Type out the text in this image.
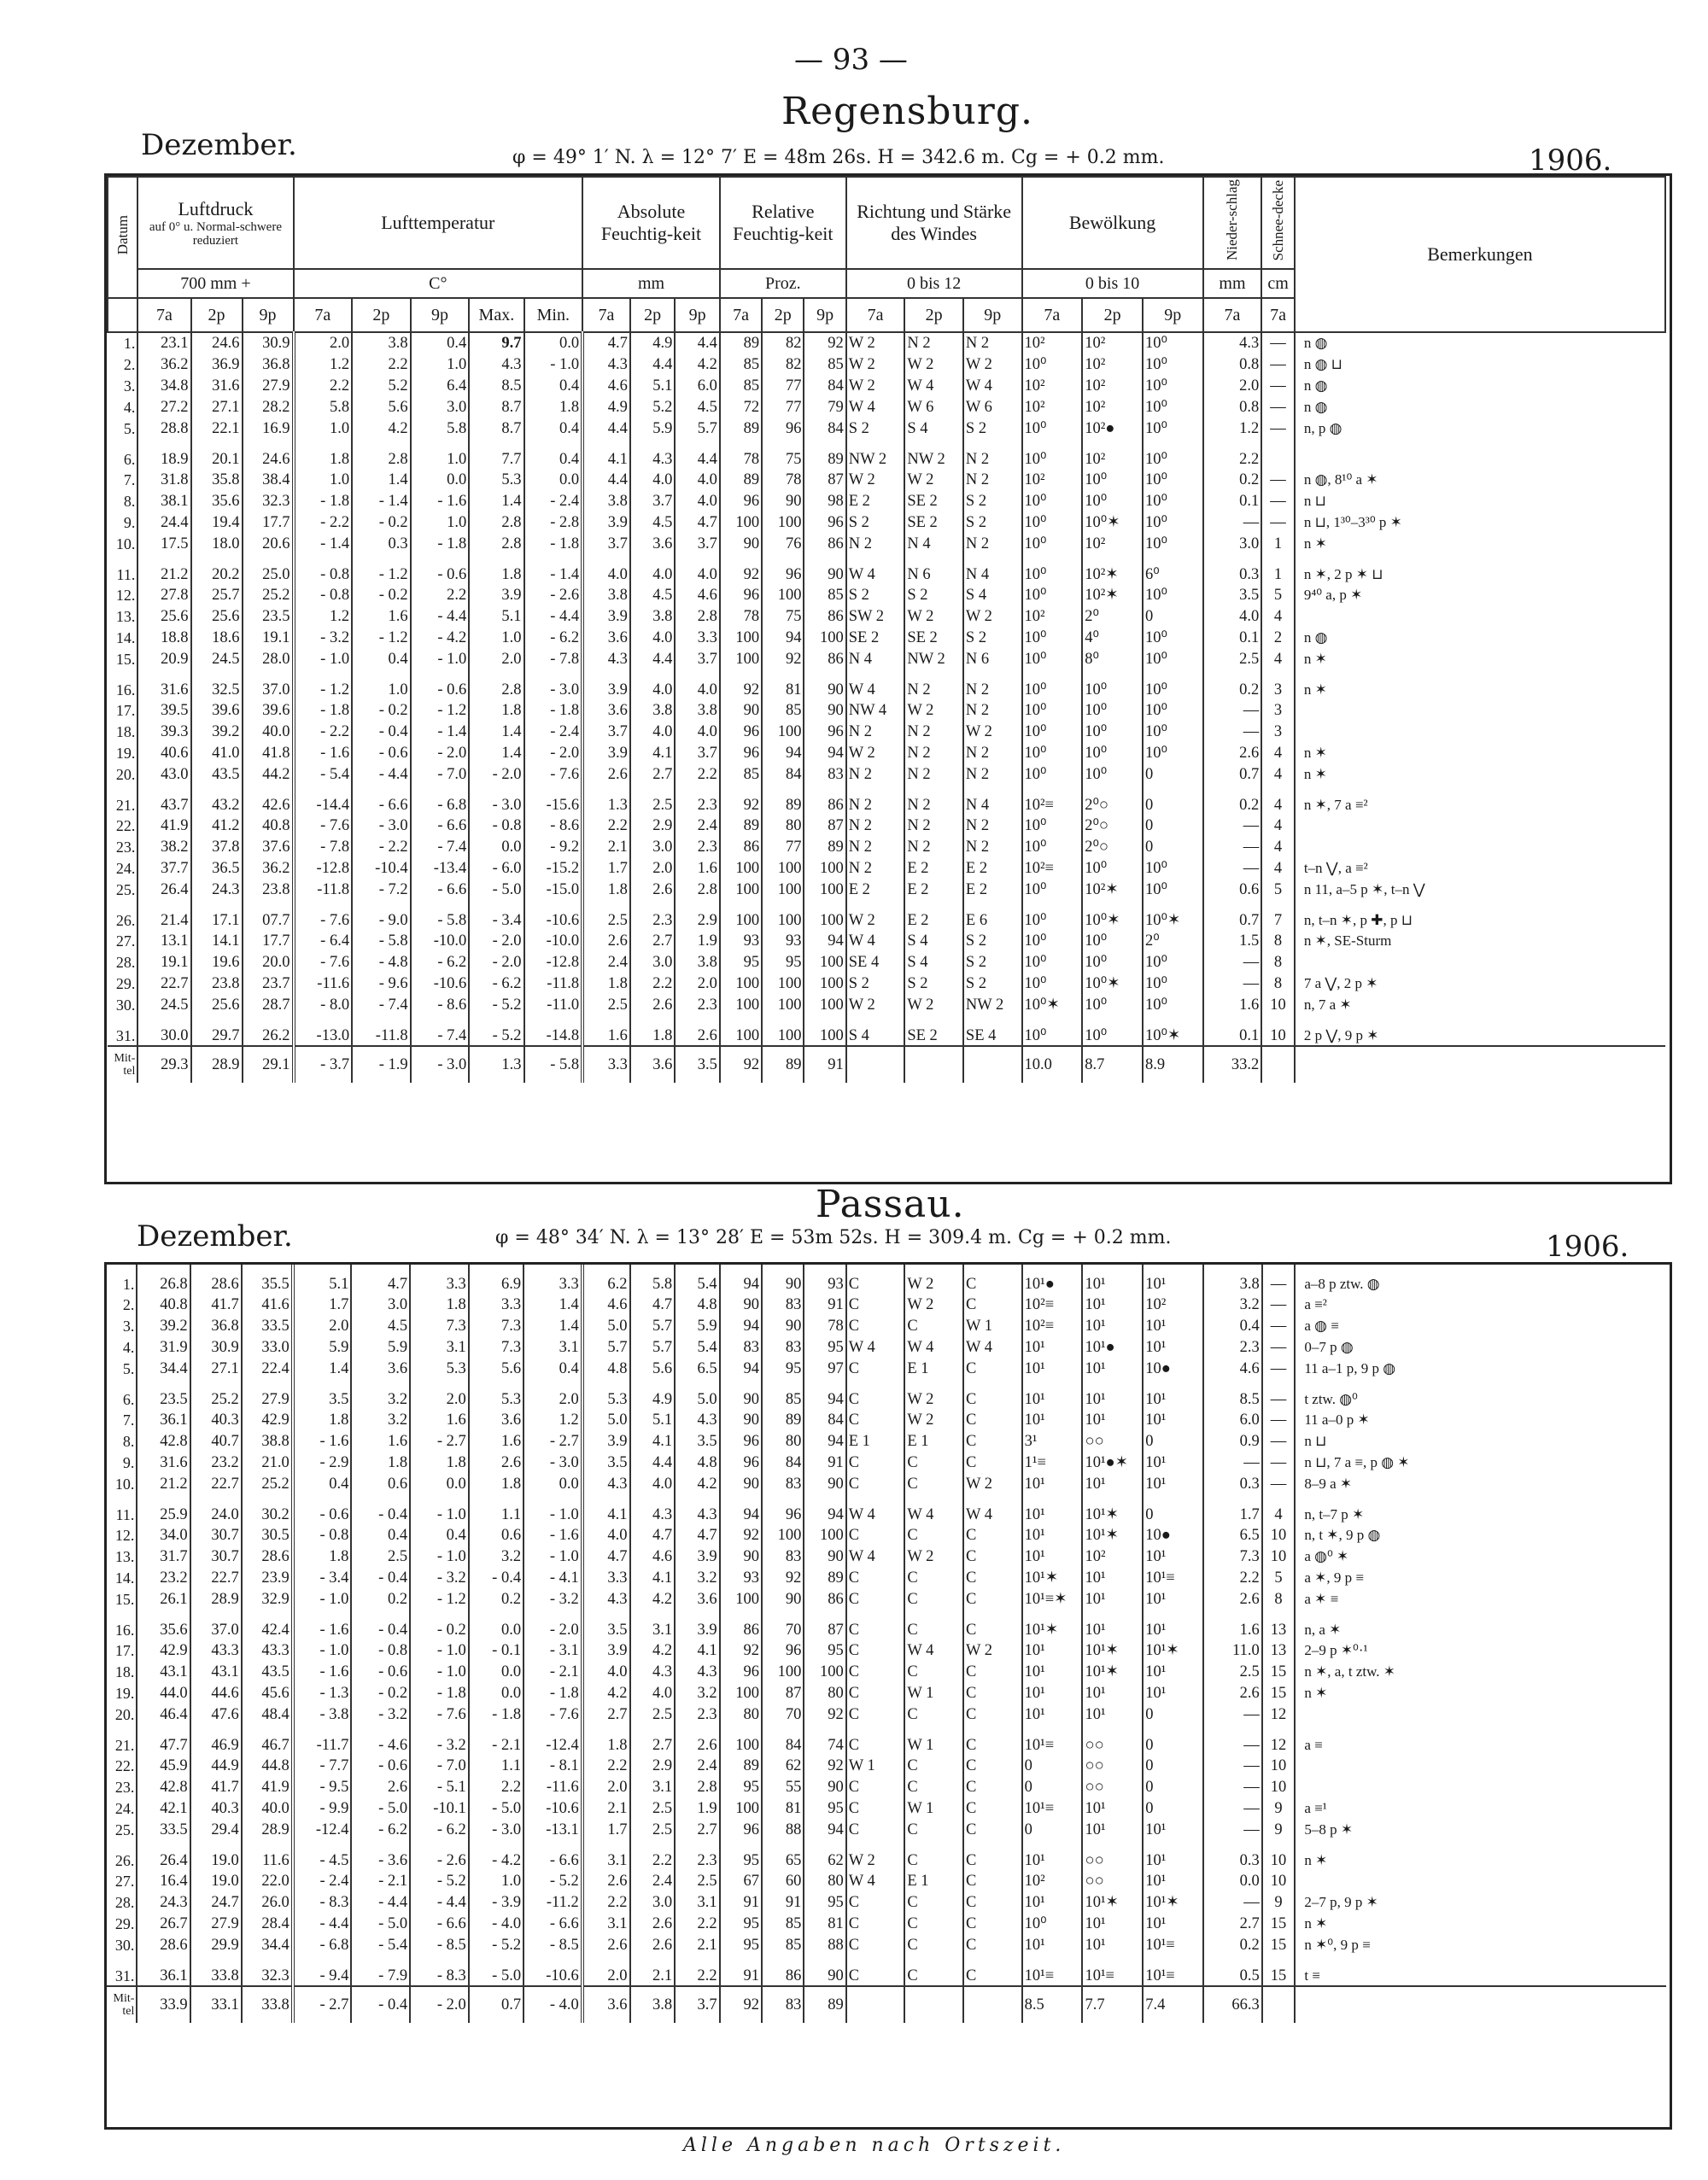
— 93 —
Regensburg.
Dezember.	φ = 49° 1′ N. λ = 12° 7′ E = 48m 26s. H = 342.6 m. Cg = + 0.2 mm.	1906.
Datum	Luftdruck
auf 0° u. Normal-schwere reduziert			Lufttemperatur					Absolute Feuchtig-keit			Relative Feuchtig-keit			Richtung und Stärke des Windes			Bewölkung			Nieder-schlag	Schnee-decke	Bemerkungen
	700 mm +			C°					mm			Proz.			0 bis 12			0 bis 10			mm	cm	
	7a	2p	9p	7a	2p	9p	Max.	Min.	7a	2p	9p	7a	2p	9p	7a	2p	9p	7a	2p	9p	7a	7a	
1.	23.1	24.6	30.9	2.0	3.8	0.4	9.7	0.0	4.7	4.9	4.4	89	82	92	W 2	N 2	N 2	10²	10²	10⁰	4.3	—	n ◍
2.	36.2	36.9	36.8	1.2	2.2	1.0	4.3	- 1.0	4.3	4.4	4.2	85	82	85	W 2	W 2	W 2	10⁰	10²	10⁰	0.8	—	n ◍ ⊔
3.	34.8	31.6	27.9	2.2	5.2	6.4	8.5	0.4	4.6	5.1	6.0	85	77	84	W 2	W 4	W 4	10²	10²	10⁰	2.0	—	n ◍
4.	27.2	27.1	28.2	5.8	5.6	3.0	8.7	1.8	4.9	5.2	4.5	72	77	79	W 4	W 6	W 6	10²	10²	10⁰	0.8	—	n ◍
5.	28.8	22.1	16.9	1.0	4.2	5.8	8.7	0.4	4.4	5.9	5.7	89	96	84	S 2	S 4	S 2	10⁰	10²●	10⁰	1.2	—	n, p ◍
6.	18.9	20.1	24.6	1.8	2.8	1.0	7.7	0.4	4.1	4.3	4.4	78	75	89	NW 2	NW 2	N 2	10⁰	10²	10⁰	2.2		
7.	31.8	35.8	38.4	1.0	1.4	0.0	5.3	0.0	4.4	4.0	4.0	89	78	87	W 2	W 2	N 2	10²	10⁰	10⁰	0.2	—	n ◍, 8¹⁰ a ✶
8.	38.1	35.6	32.3	- 1.8	- 1.4	- 1.6	1.4	- 2.4	3.8	3.7	4.0	96	90	98	E 2	SE 2	S 2	10⁰	10⁰	10⁰	0.1	—	n ⊔
9.	24.4	19.4	17.7	- 2.2	- 0.2	1.0	2.8	- 2.8	3.9	4.5	4.7	100	100	96	S 2	SE 2	S 2	10⁰	10⁰✶	10⁰	—	—	n ⊔, 1³⁰–3³⁰ p ✶
10.	17.5	18.0	20.6	- 1.4	0.3	- 1.8	2.8	- 1.8	3.7	3.6	3.7	90	76	86	N 2	N 4	N 2	10⁰	10²	10⁰	3.0	1	n ✶
11.	21.2	20.2	25.0	- 0.8	- 1.2	- 0.6	1.8	- 1.4	4.0	4.0	4.0	92	96	90	W 4	N 6	N 4	10⁰	10²✶	6⁰	0.3	1	n ✶, 2 p ✶ ⊔
12.	27.8	25.7	25.2	- 0.8	- 0.2	2.2	3.9	- 2.6	3.8	4.5	4.6	96	100	85	S 2	S 2	S 4	10⁰	10²✶	10⁰	3.5	5	9⁴⁰ a, p ✶
13.	25.6	25.6	23.5	1.2	1.6	- 4.4	5.1	- 4.4	3.9	3.8	2.8	78	75	86	SW 2	W 2	W 2	10²	2⁰	0	4.0	4	
14.	18.8	18.6	19.1	- 3.2	- 1.2	- 4.2	1.0	- 6.2	3.6	4.0	3.3	100	94	100	SE 2	SE 2	S 2	10⁰	4⁰	10⁰	0.1	2	n ◍
15.	20.9	24.5	28.0	- 1.0	0.4	- 1.0	2.0	- 7.8	4.3	4.4	3.7	100	92	86	N 4	NW 2	N 6	10⁰	8⁰	10⁰	2.5	4	n ✶
16.	31.6	32.5	37.0	- 1.2	1.0	- 0.6	2.8	- 3.0	3.9	4.0	4.0	92	81	90	W 4	N 2	N 2	10⁰	10⁰	10⁰	0.2	3	n ✶
17.	39.5	39.6	39.6	- 1.8	- 0.2	- 1.2	1.8	- 1.8	3.6	3.8	3.8	90	85	90	NW 4	W 2	N 2	10⁰	10⁰	10⁰	—	3	
18.	39.3	39.2	40.0	- 2.2	- 0.4	- 1.4	1.4	- 2.4	3.7	4.0	4.0	96	100	96	N 2	N 2	W 2	10⁰	10⁰	10⁰	—	3	
19.	40.6	41.0	41.8	- 1.6	- 0.6	- 2.0	1.4	- 2.0	3.9	4.1	3.7	96	94	94	W 2	N 2	N 2	10⁰	10⁰	10⁰	2.6	4	n ✶
20.	43.0	43.5	44.2	- 5.4	- 4.4	- 7.0	- 2.0	- 7.6	2.6	2.7	2.2	85	84	83	N 2	N 2	N 2	10⁰	10⁰	0	0.7	4	n ✶
21.	43.7	43.2	42.6	-14.4	- 6.6	- 6.8	- 3.0	-15.6	1.3	2.5	2.3	92	89	86	N 2	N 2	N 4	10²≡	2⁰○	0	0.2	4	n ✶, 7 a ≡²
22.	41.9	41.2	40.8	- 7.6	- 3.0	- 6.6	- 0.8	- 8.6	2.2	2.9	2.4	89	80	87	N 2	N 2	N 2	10⁰	2⁰○	0	—	4	
23.	38.2	37.8	37.6	- 7.8	- 2.2	- 7.4	0.0	- 9.2	2.1	3.0	2.3	86	77	89	N 2	N 2	N 2	10⁰	2⁰○	0	—	4	
24.	37.7	36.5	36.2	-12.8	-10.4	-13.4	- 6.0	-15.2	1.7	2.0	1.6	100	100	100	N 2	E 2	E 2	10²≡	10⁰	10⁰	—	4	t–n ⋁, a ≡²
25.	26.4	24.3	23.8	-11.8	- 7.2	- 6.6	- 5.0	-15.0	1.8	2.6	2.8	100	100	100	E 2	E 2	E 2	10⁰	10²✶	10⁰	0.6	5	n 11, a–5 p ✶, t–n ⋁
26.	21.4	17.1	07.7	- 7.6	- 9.0	- 5.8	- 3.4	-10.6	2.5	2.3	2.9	100	100	100	W 2	E 2	E 6	10⁰	10⁰✶	10⁰✶	0.7	7	n, t–n ✶, p ✚, p ⊔
27.	13.1	14.1	17.7	- 6.4	- 5.8	-10.0	- 2.0	-10.0	2.6	2.7	1.9	93	93	94	W 4	S 4	S 2	10⁰	10⁰	2⁰	1.5	8	n ✶, SE-Sturm
28.	19.1	19.6	20.0	- 7.6	- 4.8	- 6.2	- 2.0	-12.8	2.4	3.0	3.8	95	95	100	SE 4	S 4	S 2	10⁰	10⁰	10⁰	—	8	
29.	22.7	23.8	23.7	-11.6	- 9.6	-10.6	- 6.2	-11.8	1.8	2.2	2.0	100	100	100	S 2	S 2	S 2	10⁰	10⁰✶	10⁰	—	8	7 a ⋁, 2 p ✶
30.	24.5	25.6	28.7	- 8.0	- 7.4	- 8.6	- 5.2	-11.0	2.5	2.6	2.3	100	100	100	W 2	W 2	NW 2	10⁰✶	10⁰	10⁰	1.6	10	n, 7 a ✶
31.	30.0	29.7	26.2	-13.0	-11.8	- 7.4	- 5.2	-14.8	1.6	1.8	2.6	100	100	100	S 4	SE 2	SE 4	10⁰	10⁰	10⁰✶	0.1	10	2 p ⋁, 9 p ✶
Mit-tel	29.3	28.9	29.1	- 3.7	- 1.9	- 3.0	1.3	- 5.8	3.3	3.6	3.5	92	89	91				10.0	8.7	8.9	33.2		
Passau.
Dezember.	φ = 48° 34′ N. λ = 13° 28′ E = 53m 52s. H = 309.4 m. Cg = + 0.2 mm.	1906.
1.	26.8	28.6	35.5	5.1	4.7	3.3	6.9	3.3	6.2	5.8	5.4	94	90	93	C	W 2	C	10¹●	10¹	10¹	3.8	—	a–8 p ztw. ◍
2.	40.8	41.7	41.6	1.7	3.0	1.8	3.3	1.4	4.6	4.7	4.8	90	83	91	C	W 2	C	10²≡	10¹	10²	3.2	—	a ≡²
3.	39.2	36.8	33.5	2.0	4.5	7.3	7.3	1.4	5.0	5.7	5.9	94	90	78	C	C	W 1	10²≡	10¹	10¹	0.4	—	a ◍ ≡
4.	31.9	30.9	33.0	5.9	5.9	3.1	7.3	3.1	5.7	5.7	5.4	83	83	95	W 4	W 4	W 4	10¹	10¹●	10¹	2.3	—	0–7 p ◍
5.	34.4	27.1	22.4	1.4	3.6	5.3	5.6	0.4	4.8	5.6	6.5	94	95	97	C	E 1	C	10¹	10¹	10●	4.6	—	11 a–1 p, 9 p ◍
6.	23.5	25.2	27.9	3.5	3.2	2.0	5.3	2.0	5.3	4.9	5.0	90	85	94	C	W 2	C	10¹	10¹	10¹	8.5	—	t ztw. ◍⁰
7.	36.1	40.3	42.9	1.8	3.2	1.6	3.6	1.2	5.0	5.1	4.3	90	89	84	C	W 2	C	10¹	10¹	10¹	6.0	—	11 a–0 p ✶
8.	42.8	40.7	38.8	- 1.6	1.6	- 2.7	1.6	- 2.7	3.9	4.1	3.5	96	80	94	E 1	E 1	C	3¹	○○	0	0.9	—	n ⊔
9.	31.6	23.2	21.0	- 2.9	1.8	1.8	2.6	- 3.0	3.5	4.4	4.8	96	84	91	C	C	C	1¹≡	10¹●✶	10¹	—	—	n ⊔, 7 a ≡, p ◍ ✶
10.	21.2	22.7	25.2	0.4	0.6	0.0	1.8	0.0	4.3	4.0	4.2	90	83	90	C	C	W 2	10¹	10¹	10¹	0.3	—	8–9 a ✶
11.	25.9	24.0	30.2	- 0.6	- 0.4	- 1.0	1.1	- 1.0	4.1	4.3	4.3	94	96	94	W 4	W 4	W 4	10¹	10¹✶	0	1.7	4	n, t–7 p ✶
12.	34.0	30.7	30.5	- 0.8	0.4	0.4	0.6	- 1.6	4.0	4.7	4.7	92	100	100	C	C	C	10¹	10¹✶	10●	6.5	10	n, t ✶, 9 p ◍
13.	31.7	30.7	28.6	1.8	2.5	- 1.0	3.2	- 1.0	4.7	4.6	3.9	90	83	90	W 4	W 2	C	10¹	10²	10¹	7.3	10	a ◍⁰ ✶
14.	23.2	22.7	23.9	- 3.4	- 0.4	- 3.2	- 0.4	- 4.1	3.3	4.1	3.2	93	92	89	C	C	C	10¹✶	10¹	10¹≡	2.2	5	a ✶, 9 p ≡
15.	26.1	28.9	32.9	- 1.0	0.2	- 1.2	0.2	- 3.2	4.3	4.2	3.6	100	90	86	C	C	C	10¹≡✶	10¹	10¹	2.6	8	a ✶ ≡
16.	35.6	37.0	42.4	- 1.6	- 0.4	- 0.2	0.0	- 2.0	3.5	3.1	3.9	86	70	87	C	C	C	10¹✶	10¹	10¹	1.6	13	n, a ✶
17.	42.9	43.3	43.3	- 1.0	- 0.8	- 1.0	- 0.1	- 3.1	3.9	4.2	4.1	92	96	95	C	W 4	W 2	10¹	10¹✶	10¹✶	11.0	13	2–9 p ✶⁰·¹
18.	43.1	43.1	43.5	- 1.6	- 0.6	- 1.0	0.0	- 2.1	4.0	4.3	4.3	96	100	100	C	C	C	10¹	10¹✶	10¹	2.5	15	n ✶, a, t ztw. ✶
19.	44.0	44.6	45.6	- 1.3	- 0.2	- 1.8	0.0	- 1.8	4.2	4.0	3.2	100	87	80	C	W 1	C	10¹	10¹	10¹	2.6	15	n ✶
20.	46.4	47.6	48.4	- 3.8	- 3.2	- 7.6	- 1.8	- 7.6	2.7	2.5	2.3	80	70	92	C	C	C	10¹	10¹	0	—	12	
21.	47.7	46.9	46.7	-11.7	- 4.6	- 3.2	- 2.1	-12.4	1.8	2.7	2.6	100	84	74	C	W 1	C	10¹≡	○○	0	—	12	a ≡
22.	45.9	44.9	44.8	- 7.7	- 0.6	- 7.0	1.1	- 8.1	2.2	2.9	2.4	89	62	92	W 1	C	C	0	○○	0	—	10	
23.	42.8	41.7	41.9	- 9.5	2.6	- 5.1	2.2	-11.6	2.0	3.1	2.8	95	55	90	C	C	C	0	○○	0	—	10	
24.	42.1	40.3	40.0	- 9.9	- 5.0	-10.1	- 5.0	-10.6	2.1	2.5	1.9	100	81	95	C	W 1	C	10¹≡	10¹	0	—	9	a ≡¹
25.	33.5	29.4	28.9	-12.4	- 6.2	- 6.2	- 3.0	-13.1	1.7	2.5	2.7	96	88	94	C	C	C	0	10¹	10¹	—	9	5–8 p ✶
26.	26.4	19.0	11.6	- 4.5	- 3.6	- 2.6	- 4.2	- 6.6	3.1	2.2	2.3	95	65	62	W 2	C	C	10¹	○○	10¹	0.3	10	n ✶
27.	16.4	19.0	22.0	- 2.4	- 2.1	- 5.2	1.0	- 5.2	2.6	2.4	2.5	67	60	80	W 4	E 1	C	10²	○○	10¹	0.0	10	
28.	24.3	24.7	26.0	- 8.3	- 4.4	- 4.4	- 3.9	-11.2	2.2	3.0	3.1	91	91	95	C	C	C	10¹	10¹✶	10¹✶	—	9	2–7 p, 9 p ✶
29.	26.7	27.9	28.4	- 4.4	- 5.0	- 6.6	- 4.0	- 6.6	3.1	2.6	2.2	95	85	81	C	C	C	10⁰	10¹	10¹	2.7	15	n ✶
30.	28.6	29.9	34.4	- 6.8	- 5.4	- 8.5	- 5.2	- 8.5	2.6	2.6	2.1	95	85	88	C	C	C	10¹	10¹	10¹≡	0.2	15	n ✶⁰, 9 p ≡
31.	36.1	33.8	32.3	- 9.4	- 7.9	- 8.3	- 5.0	-10.6	2.0	2.1	2.2	91	86	90	C	C	C	10¹≡	10¹≡	10¹≡	0.5	15	t ≡
Mit-tel	33.9	33.1	33.8	- 2.7	- 0.4	- 2.0	0.7	- 4.0	3.6	3.8	3.7	92	83	89				8.5	7.7	7.4	66.3		
Alle Angaben nach Ortszeit.
